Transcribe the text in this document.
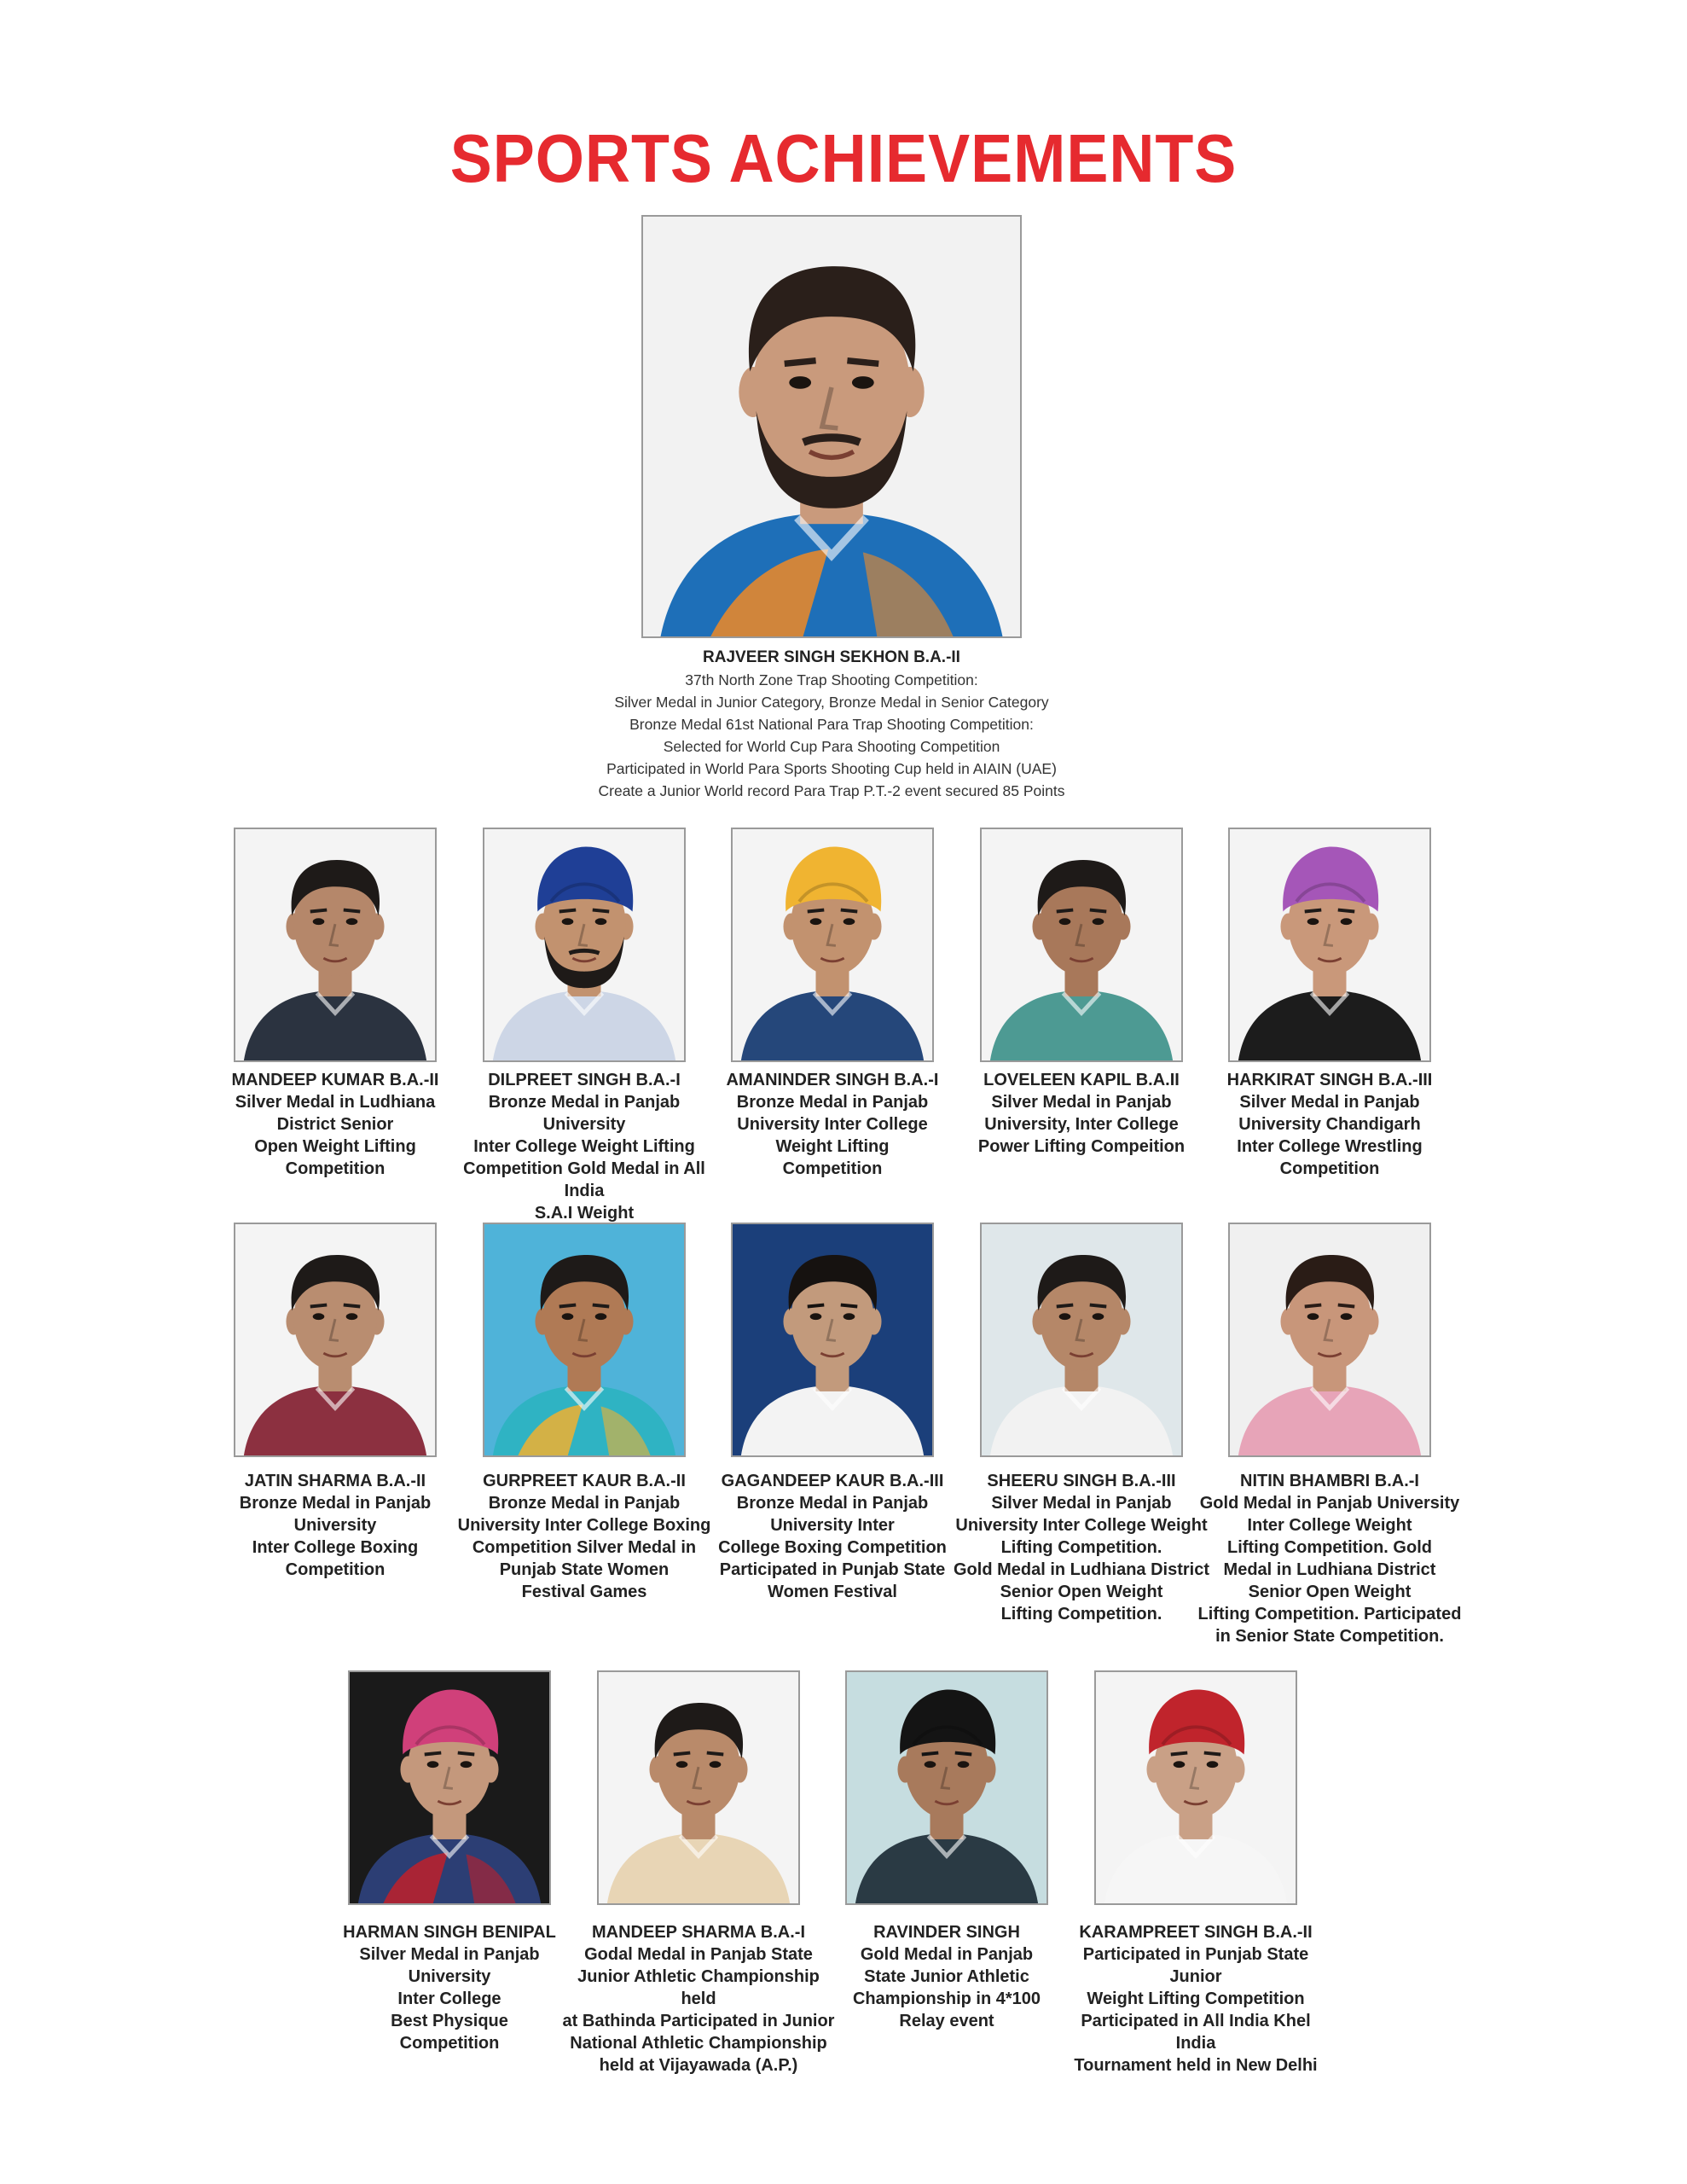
SPORTS ACHIEVEMENTS
RAJVEER SINGH SEKHON B.A.-II
37th North Zone Trap Shooting Competition:
Silver Medal in Junior Category, Bronze Medal in Senior Category
Bronze Medal 61st National Para Trap Shooting Competition:
Selected for World Cup Para Shooting Competition
Participated in World Para Sports Shooting Cup held in AIAIN (UAE)
Create a Junior World record Para Trap P.T.-2 event secured 85 Points
MANDEEP KUMAR B.A.-II
Silver Medal in Ludhiana
District Senior
Open Weight Lifting
Competition
DILPREET SINGH B.A.-I
Bronze Medal in Panjab University
Inter College Weight Lifting
Competition Gold Medal in All India
S.A.I Weight
AMANINDER SINGH B.A.-I
Bronze Medal in Panjab
University Inter College
Weight Lifting
Competition
LOVELEEN KAPIL B.A.II
Silver Medal in Panjab
University, Inter College
Power Lifting Compeition
HARKIRAT SINGH B.A.-III
Silver Medal in Panjab
University Chandigarh
Inter College Wrestling
Competition
JATIN SHARMA B.A.-II
Bronze Medal in Panjab
University
Inter College Boxing
Competition
GURPREET KAUR B.A.-II
Bronze Medal in Panjab
University Inter College Boxing
Competition Silver Medal in
Punjab State Women
Festival Games
GAGANDEEP KAUR B.A.-III
Bronze Medal in Panjab
University Inter
College Boxing Competition
Participated in Punjab State
Women Festival
SHEERU SINGH B.A.-III
Silver Medal in Panjab
University Inter College Weight
Lifting Competition.
Gold Medal in Ludhiana District
Senior Open Weight
Lifting Competition.
NITIN BHAMBRI B.A.-I
Gold Medal in Panjab University
Inter College Weight
Lifting Competition. Gold
Medal in Ludhiana District
Senior Open Weight
Lifting Competition. Participated
in Senior State Competition.
HARMAN SINGH BENIPAL
Silver Medal in Panjab
University
Inter College
Best Physique
Competition
MANDEEP SHARMA B.A.-I
Godal Medal in Panjab State
Junior Athletic Championship held
at Bathinda Participated in Junior
National Athletic Championship
held at Vijayawada (A.P.)
RAVINDER SINGH
Gold Medal in Panjab
State Junior Athletic
Championship in 4*100
Relay event
KARAMPREET SINGH B.A.-II
Participated in Punjab State Junior
Weight Lifting Competition
Participated in All India Khel India
Tournament held in New Delhi
